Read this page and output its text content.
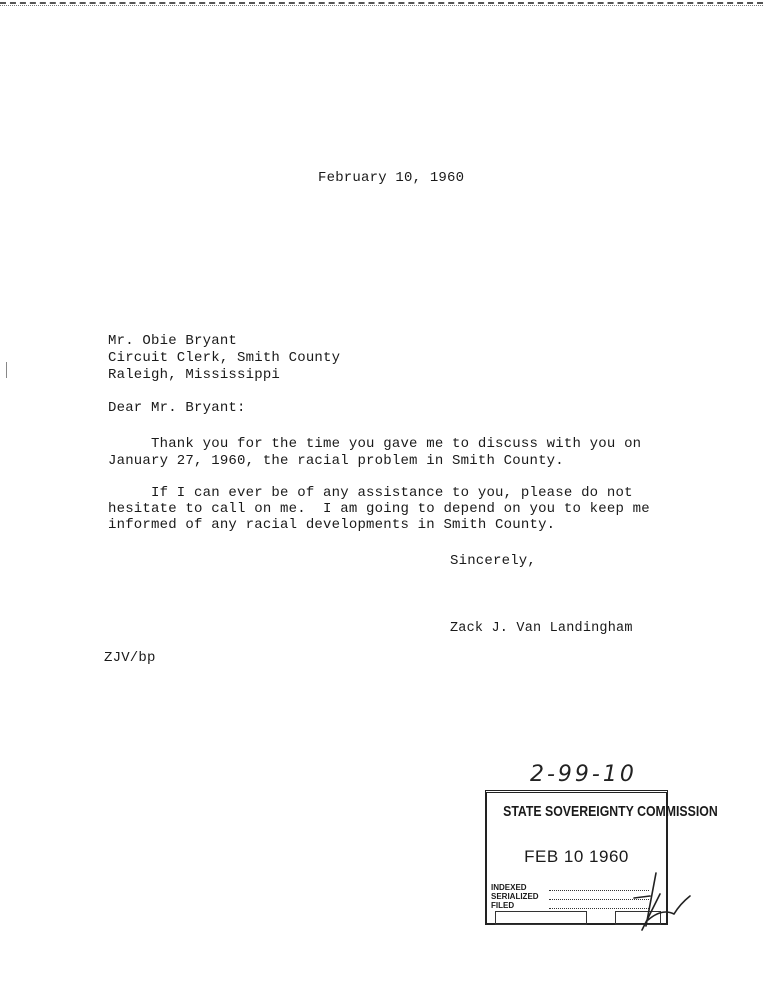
February 10, 1960
Mr. Obie Bryant
Circuit Clerk, Smith County
Raleigh, Mississippi
Dear Mr. Bryant:
Thank you for the time you gave me to discuss with you on
January 27, 1960, the racial problem in Smith County.
If I can ever be of any assistance to you, please do not
hesitate to call on me.  I am going to depend on you to keep me
informed of any racial developments in Smith County.
Sincerely,
Zack J. Van Landingham
ZJV/bp
2-99-10
STATE SOVEREIGNTY COMMISSION
FEB 10 1960
INDEXED
SERIALIZED
FILED
